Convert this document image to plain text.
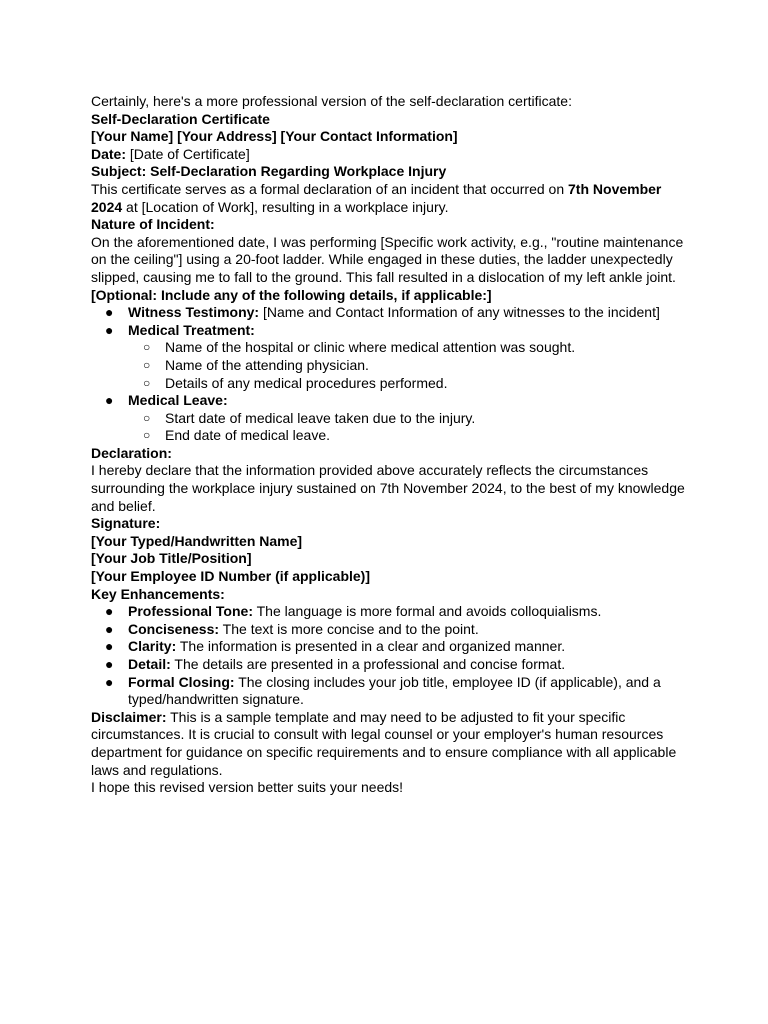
Certainly, here's a more professional version of the self-declaration certificate:

Self-Declaration Certificate

[Your Name] [Your Address] [Your Contact Information]

Date: [Date of Certificate]

Subject: Self-Declaration Regarding Workplace Injury

This certificate serves as a formal declaration of an incident that occurred on 7th November 2024 at [Location of Work], resulting in a workplace injury.

Nature of Incident:

On the aforementioned date, I was performing [Specific work activity, e.g., "routine maintenance on the ceiling"] using a 20-foot ladder. While engaged in these duties, the ladder unexpectedly slipped, causing me to fall to the ground. This fall resulted in a dislocation of my left ankle joint.

[Optional: Include any of the following details, if applicable:]

● Witness Testimony: [Name and Contact Information of any witnesses to the incident]
● Medical Treatment:
○ Name of the hospital or clinic where medical attention was sought.
○ Name of the attending physician.
○ Details of any medical procedures performed.
● Medical Leave:
○ Start date of medical leave taken due to the injury.
○ End date of medical leave.

Declaration:

I hereby declare that the information provided above accurately reflects the circumstances surrounding the workplace injury sustained on 7th November 2024, to the best of my knowledge and belief.

Signature:

[Your Typed/Handwritten Name]

[Your Job Title/Position]

[Your Employee ID Number (if applicable)]

Key Enhancements:

● Professional Tone: The language is more formal and avoids colloquialisms.
● Conciseness: The text is more concise and to the point.
● Clarity: The information is presented in a clear and organized manner.
● Detail: The details are presented in a professional and concise format.
● Formal Closing: The closing includes your job title, employee ID (if applicable), and a typed/handwritten signature.

Disclaimer: This is a sample template and may need to be adjusted to fit your specific circumstances. It is crucial to consult with legal counsel or your employer's human resources department for guidance on specific requirements and to ensure compliance with all applicable laws and regulations.

I hope this revised version better suits your needs!
